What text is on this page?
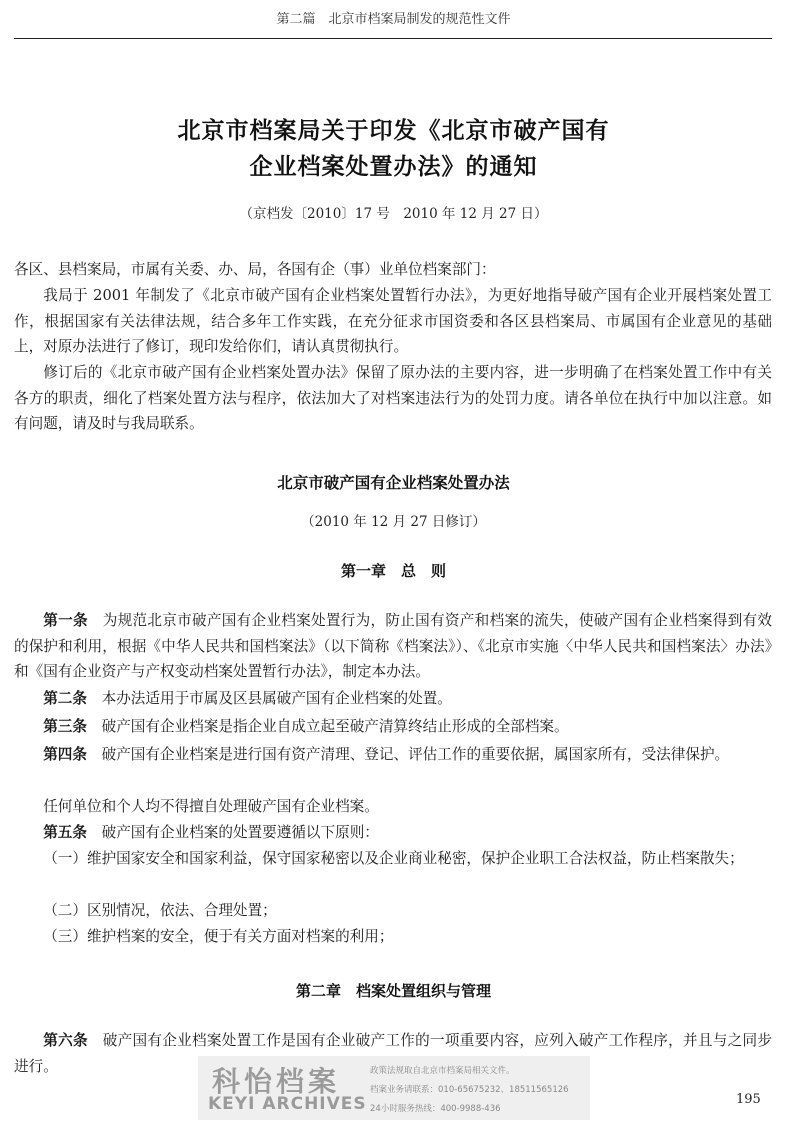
第二篇　北京市档案局制发的规范性文件
北京市档案局关于印发《北京市破产国有
企业档案处置办法》的通知
（京档发〔2010〕17 号　2010 年 12 月 27 日）

各区、县档案局，市属有关委、办、局，各国有企（事）业单位档案部门：

我局于 2001 年制发了《北京市破产国有企业档案处置暂行办法》，为更好地指导破产国有企业开展档案处置工作，根据国家有关法律法规，结合多年工作实践，在充分征求市国资委和各区县档案局、市属国有企业意见的基础上，对原办法进行了修订，现印发给你们，请认真贯彻执行。

修订后的《北京市破产国有企业档案处置办法》保留了原办法的主要内容，进一步明确了在档案处置工作中有关各方的职责，细化了档案处置方法与程序，依法加大了对档案违法行为的处罚力度。请各单位在执行中加以注意。如有问题，请及时与我局联系。

北京市破产国有企业档案处置办法
（2010 年 12 月 27 日修订）
第一章　总　则

第一条　 为规范北京市破产国有企业档案处置行为，防止国有资产和档案的流失，使破产国有企业档案得到有效的保护和利用，根据《中华人民共和国档案法》（以下简称《档案法》）、《北京市实施〈中华人民共和国档案法〉办法》和《国有企业资产与产权变动档案处置暂行办法》，制定本办法。

第二条　 本办法适用于市属及区县属破产国有企业档案的处置。

第三条　 破产国有企业档案是指企业自成立起至破产清算终结止形成的全部档案。

第四条　 破产国有企业档案是进行国有资产清理、登记、评估工作的重要依据，属国家所有，受法律保护。

任何单位和个人均不得擅自处理破产国有企业档案。

第五条　 破产国有企业档案的处置要遵循以下原则：

（一）维护国家安全和国家利益，保守国家秘密以及企业商业秘密，保护企业职工合法权益，防止档案散失；

（二）区别情况，依法、合理处置；

（三）维护档案的安全，便于有关方面对档案的利用；

第二章　档案处置组织与管理

第六条　 破产国有企业档案处置工作是国有企业破产工作的一项重要内容，应列入破产工作程序，并且与之同步进行。	科怡档案
KEYI ARCHIVES
政策法规取自北京市档案局相关文件。
档案业务请联系：010-65675232、18511565126
24小时服务热线：400-9988-436
195
